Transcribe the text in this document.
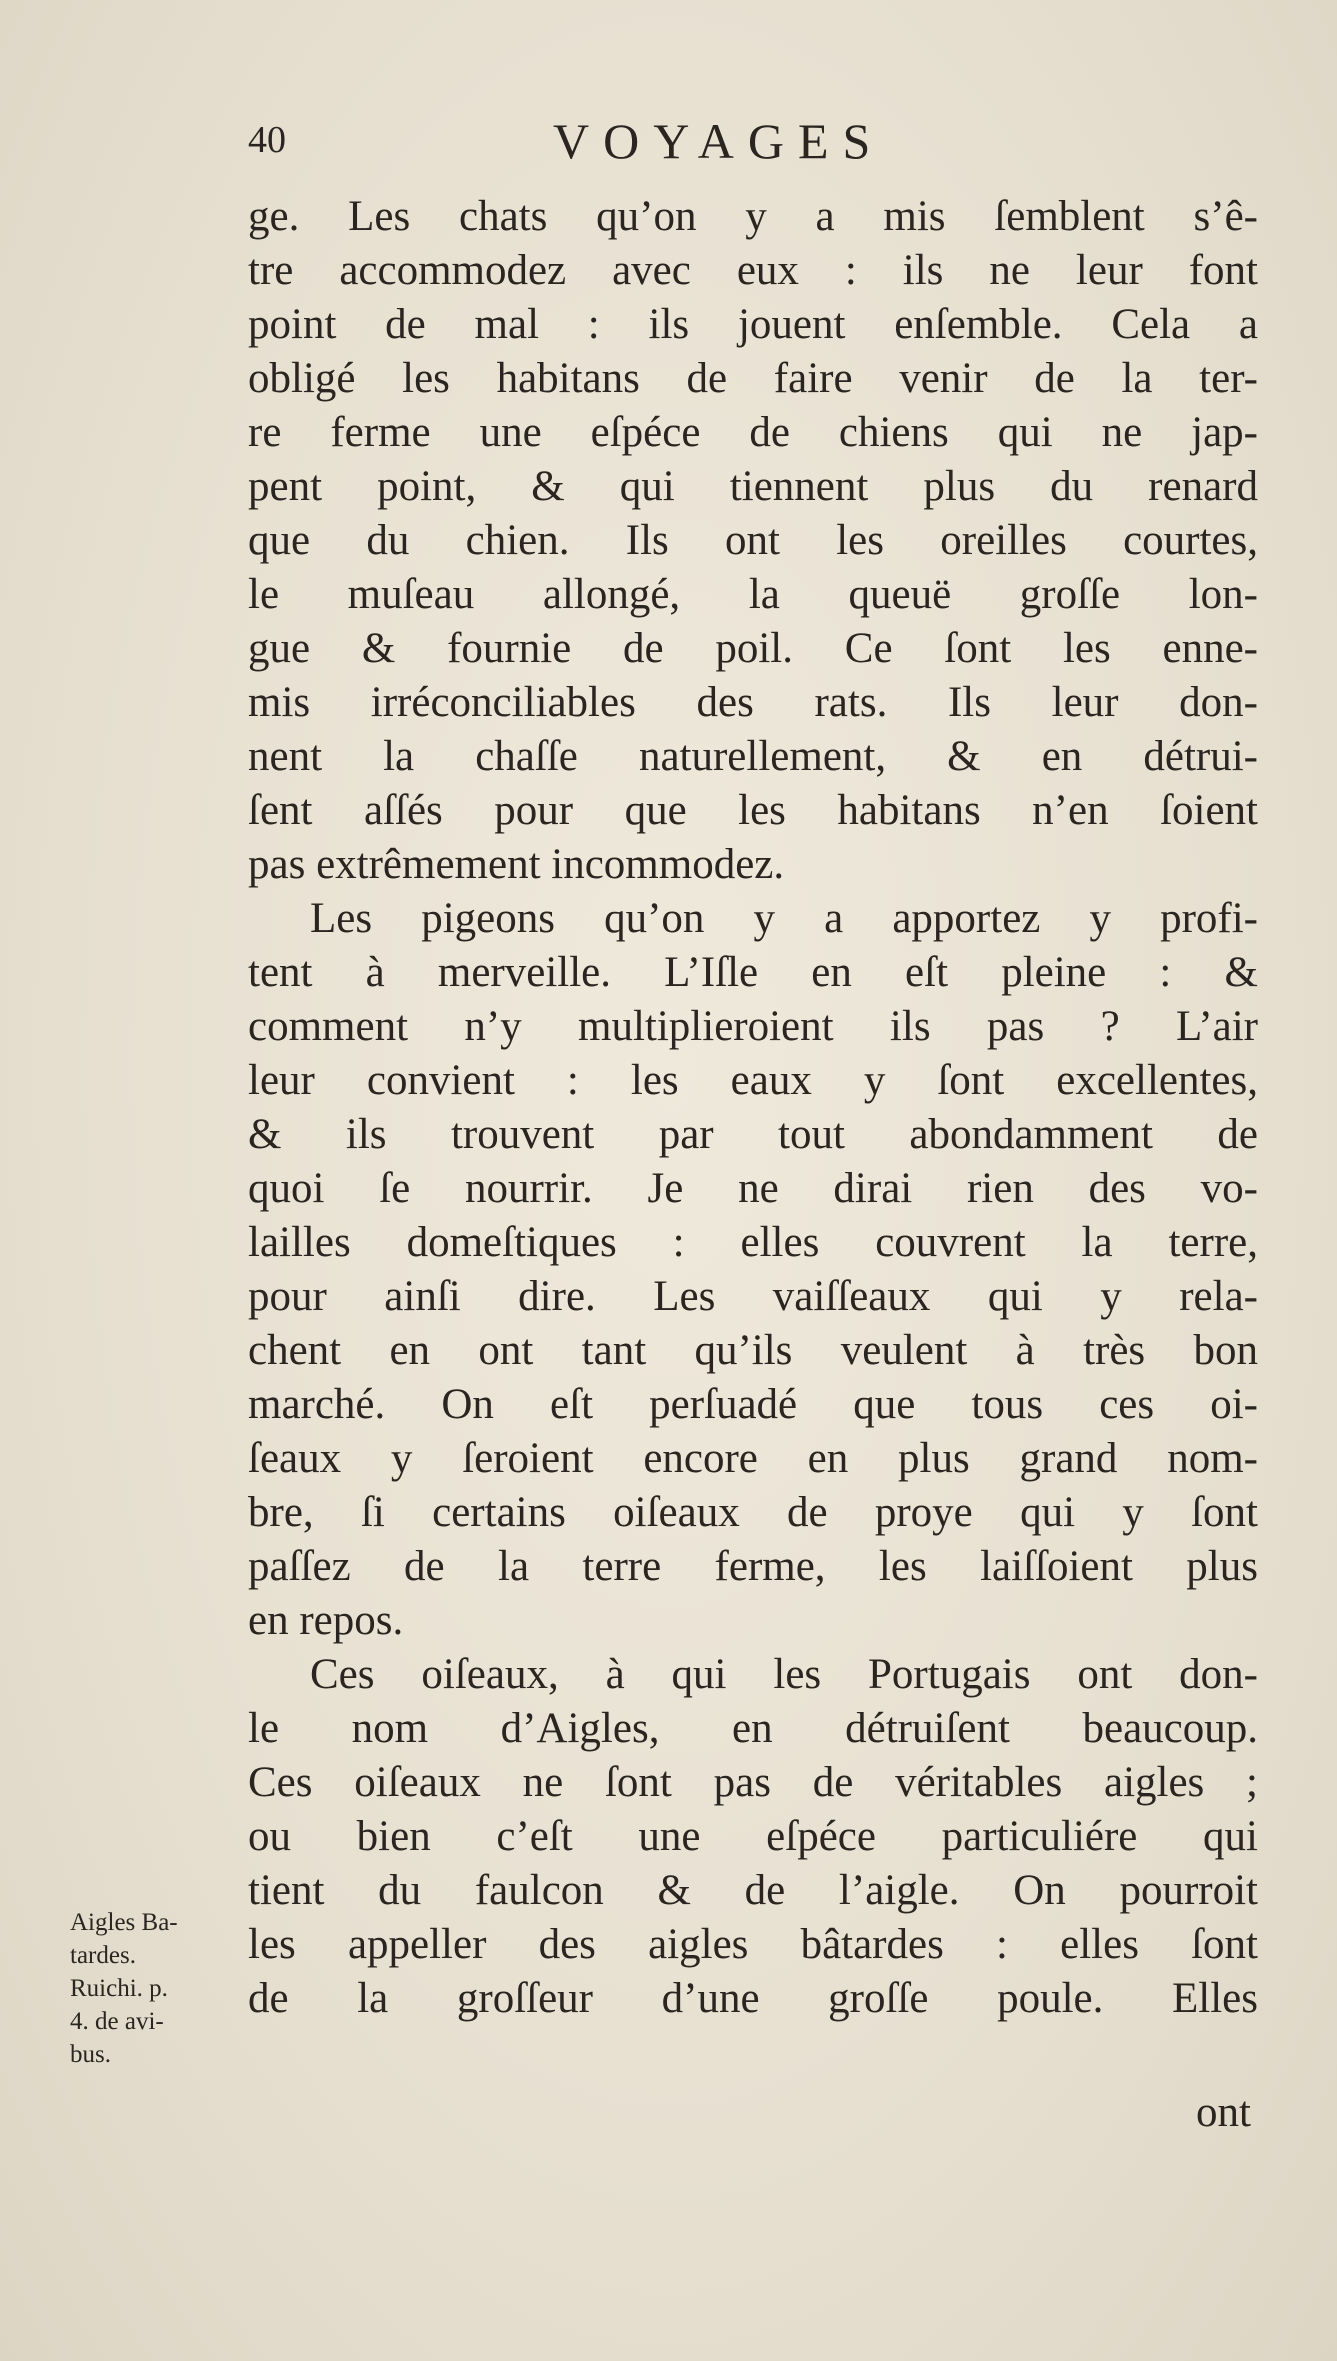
40	VOYAGES
ge. Les chats qu’on y a mis ſemblent s’ê-
tre accommodez avec eux : ils ne leur font
point de mal : ils jouent enſemble. Cela a
obligé les habitans de faire venir de la ter-
re ferme une eſpéce de chiens qui ne jap-
pent point, & qui tiennent plus du renard
que du chien. Ils ont les oreilles courtes,
le muſeau allongé, la queuë groſſe lon-
gue & fournie de poil. Ce ſont les enne-
mis irréconciliables des rats. Ils leur don-
nent la chaſſe naturellement, & en détrui-
ſent aſſés pour que les habitans n’en ſoient
pas extrêmement incommodez.
Les pigeons qu’on y a apportez y profi-
tent à merveille. L’Iſle en eſt pleine : &
comment n’y multiplieroient ils pas ? L’air
leur convient : les eaux y ſont excellentes,
& ils trouvent par tout abondamment de
quoi ſe nourrir. Je ne dirai rien des vo-
lailles domeſtiques : elles couvrent la terre,
pour ainſi dire. Les vaiſſeaux qui y rela-
chent en ont tant qu’ils veulent à très bon
marché. On eſt perſuadé que tous ces oi-
ſeaux y ſeroient encore en plus grand nom-
bre, ſi certains oiſeaux de proye qui y ſont
paſſez de la terre ferme, les laiſſoient plus
en repos.
Ces oiſeaux, à qui les Portugais ont don-
le nom d’Aigles, en détruiſent beaucoup.
Ces oiſeaux ne ſont pas de véritables aigles ;
ou bien c’eſt une eſpéce particuliére qui
tient du faulcon & de l’aigle. On pourroit
les appeller des aigles bâtardes : elles ſont
de la groſſeur d’une groſſe poule. Elles
Aigles Ba-
tardes.
Ruichi. p.
4. de avi-
bus.
ont
